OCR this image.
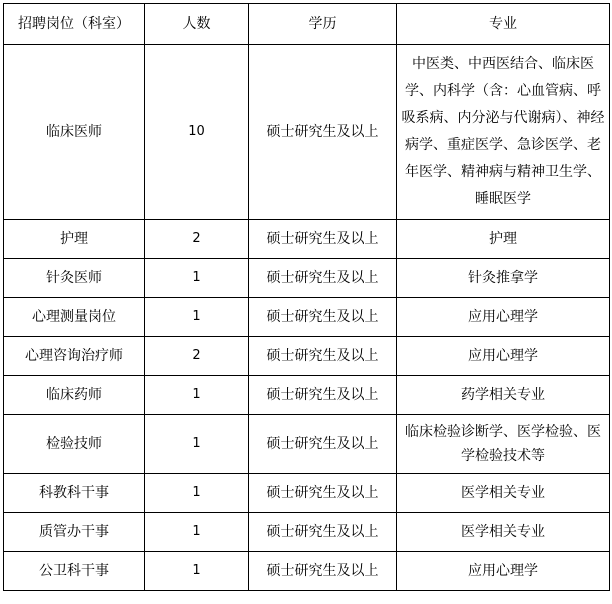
招聘岗位（科室）	人数	学历	专业
临床医师	10	硕士研究生及以上	中医类、中西医结合、临床医学、内科学（含：心血管病、呼吸系病、内分泌与代谢病）、神经病学、重症医学、急诊医学、老年医学、精神病与精神卫生学、睡眠医学
护理	2	硕士研究生及以上	护理
针灸医师	1	硕士研究生及以上	针灸推拿学
心理测量岗位	1	硕士研究生及以上	应用心理学
心理咨询治疗师	2	硕士研究生及以上	应用心理学
临床药师	1	硕士研究生及以上	药学相关专业
检验技师	1	硕士研究生及以上	临床检验诊断学、医学检验、医学检验技术等
科教科干事	1	硕士研究生及以上	医学相关专业
质管办干事	1	硕士研究生及以上	医学相关专业
公卫科干事	1	硕士研究生及以上	应用心理学
